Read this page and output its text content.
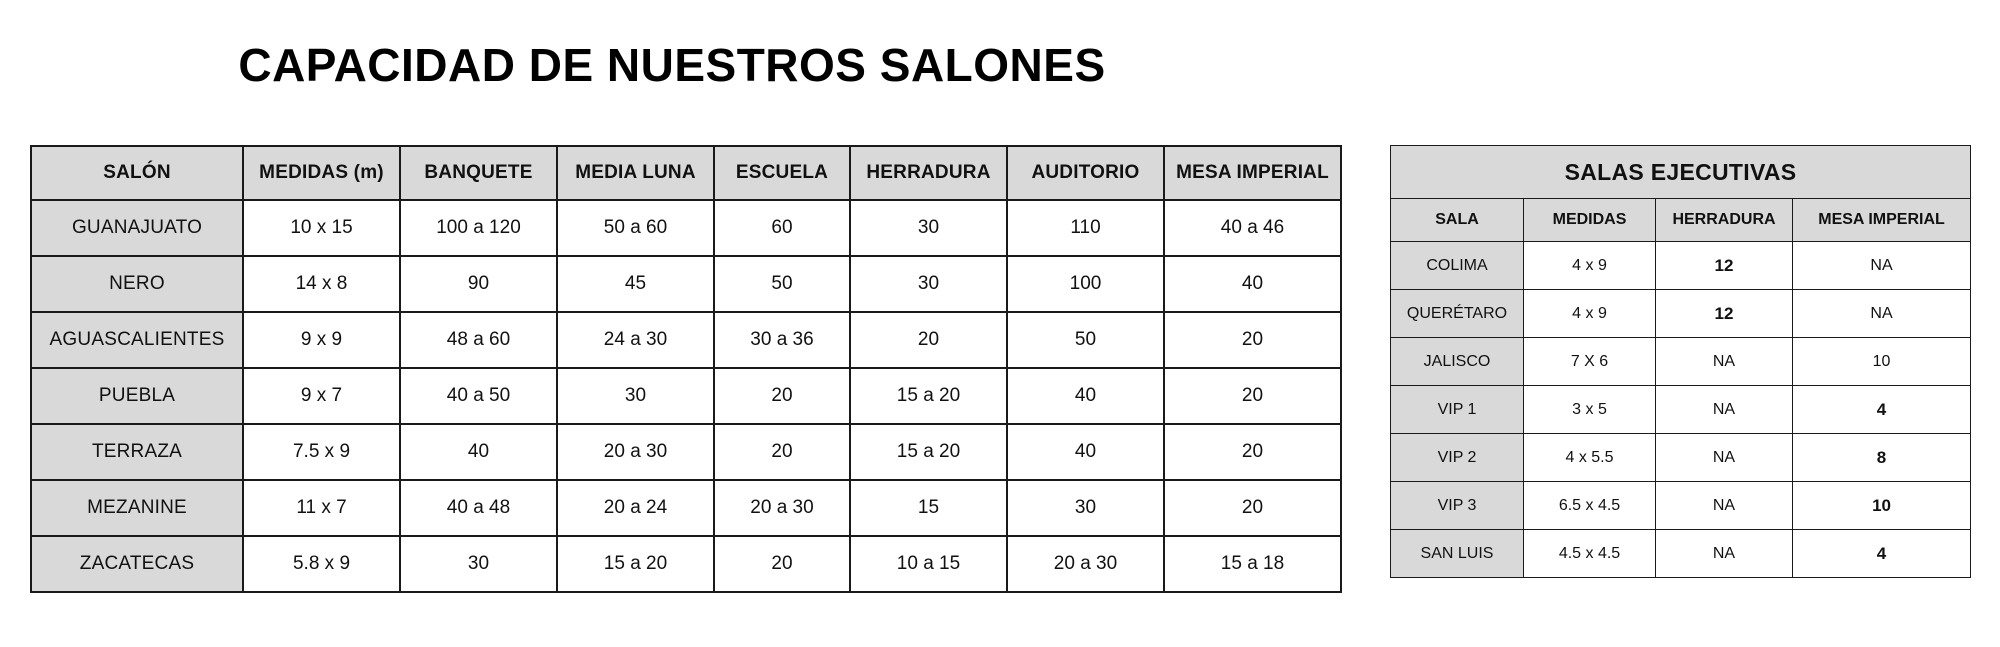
CAPACIDAD DE NUESTROS SALONES
SALÓN	MEDIDAS (m)	BANQUETE	MEDIA LUNA	ESCUELA	HERRADURA	AUDITORIO	MESA IMPERIAL
GUANAJUATO	10 x 15	100 a 120	50 a 60	60	30	110	40 a 46
NERO	14 x 8	90	45	50	30	100	40
AGUASCALIENTES	9 x 9	48 a 60	24 a 30	30 a 36	20	50	20
PUEBLA	9 x 7	40 a 50	30	20	15 a 20	40	20
TERRAZA	7.5 x 9	40	20 a 30	20	15 a 20	40	20
MEZANINE	11 x 7	40 a 48	20 a 24	20 a 30	15	30	20
ZACATECAS	5.8 x 9	30	15 a 20	20	10 a 15	20 a 30	15 a 18
SALAS EJECUTIVAS			
SALA	MEDIDAS	HERRADURA	MESA IMPERIAL
COLIMA	4 x 9	12	NA
QUERÉTARO	4 x 9	12	NA
JALISCO	7 X 6	NA	10
VIP 1	3 x 5	NA	4
VIP 2	4 x 5.5	NA	8
VIP 3	6.5 x 4.5	NA	10
SAN LUIS	4.5 x 4.5	NA	4
